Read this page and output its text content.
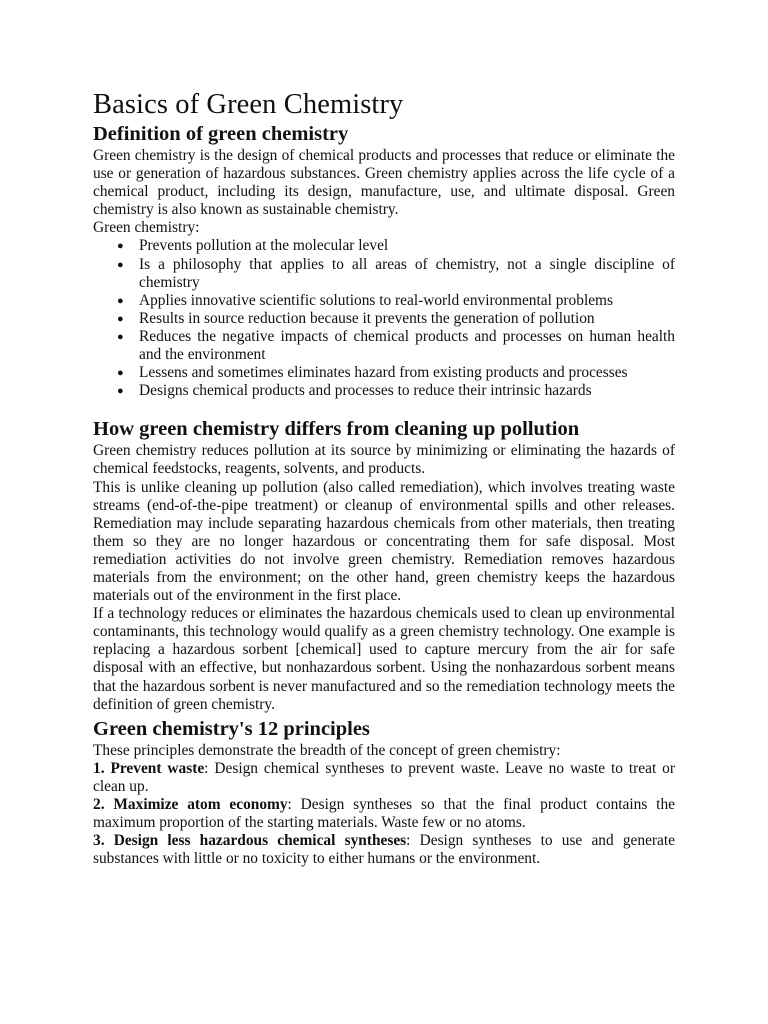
Basics of Green Chemistry
Definition of green chemistry

Green chemistry is the design of chemical products and processes that reduce or eliminate the use or generation of hazardous substances. Green chemistry applies across the life cycle of a chemical product, including its design, manufacture, use, and ultimate disposal. Green chemistry is also known as sustainable chemistry.

Green chemistry:

● Prevents pollution at the molecular level
● Is a philosophy that applies to all areas of chemistry, not a single discipline of chemistry
● Applies innovative scientific solutions to real-world environmental problems
● Results in source reduction because it prevents the generation of pollution
● Reduces the negative impacts of chemical products and processes on human health and the environment
● Lessens and sometimes eliminates hazard from existing products and processes
● Designs chemical products and processes to reduce their intrinsic hazards
How green chemistry differs from cleaning up pollution

Green chemistry reduces pollution at its source by minimizing or eliminating the hazards of chemical feedstocks, reagents, solvents, and products.

This is unlike cleaning up pollution (also called remediation), which involves treating waste streams (end-of-the-pipe treatment) or cleanup of environmental spills and other releases. Remediation may include separating hazardous chemicals from other materials, then treating them so they are no longer hazardous or concentrating them for safe disposal. Most remediation activities do not involve green chemistry. Remediation removes hazardous materials from the environment; on the other hand, green chemistry keeps the hazardous materials out of the environment in the first place.

If a technology reduces or eliminates the hazardous chemicals used to clean up environmental contaminants, this technology would qualify as a green chemistry technology. One example is replacing a hazardous sorbent [chemical] used to capture mercury from the air for safe disposal with an effective, but nonhazardous sorbent. Using the nonhazardous sorbent means that the hazardous sorbent is never manufactured and so the remediation technology meets the definition of green chemistry.

Green chemistry's 12 principles

These principles demonstrate the breadth of the concept of green chemistry:

1. Prevent waste: Design chemical syntheses to prevent waste. Leave no waste to treat or clean up.

2. Maximize atom economy: Design syntheses so that the final product contains the maximum proportion of the starting materials. Waste few or no atoms.

3. Design less hazardous chemical syntheses: Design syntheses to use and generate substances with little or no toxicity to either humans or the environment.
